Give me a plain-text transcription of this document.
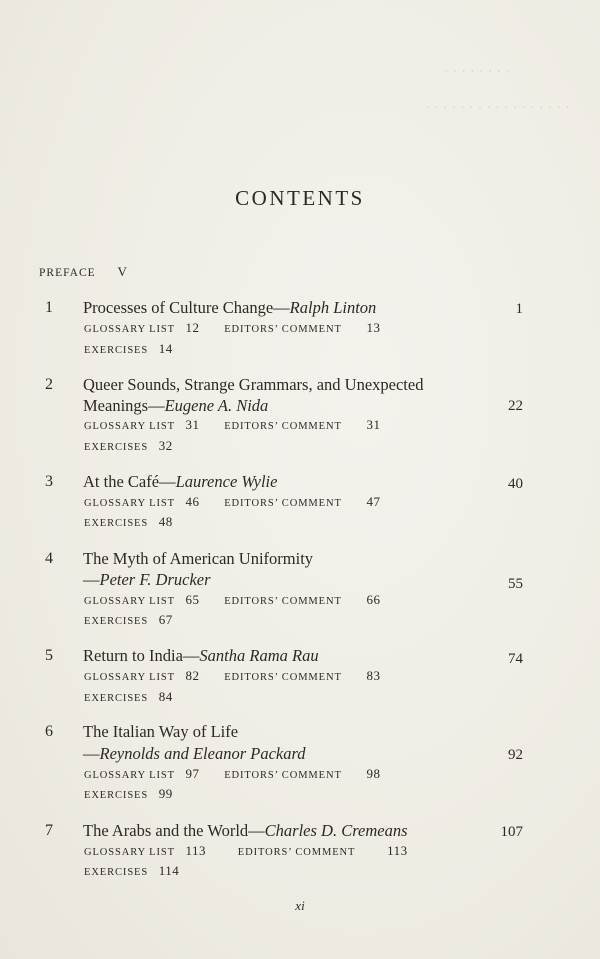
· · · · · · · ·
· · · · · · · · · · · · · · · · ·
CONTENTS
PREFACE V
1 Processes of Culture Change—Ralph Linton	1
GLOSSARY LIST 12 EDITORS’ COMMENT 13
EXERCISES 14
2 Queer Sounds, Strange Grammars, and Unexpected
Meanings—Eugene A. Nida	22
GLOSSARY LIST 31 EDITORS’ COMMENT 31
EXERCISES 32
3 At the Café—Laurence Wylie	40
GLOSSARY LIST 46 EDITORS’ COMMENT 47
EXERCISES 48
4 The Myth of American Uniformity
—Peter F. Drucker	55
GLOSSARY LIST 65 EDITORS’ COMMENT 66
EXERCISES 67
5 Return to India—Santha Rama Rau	74
GLOSSARY LIST 82 EDITORS’ COMMENT 83
EXERCISES 84
6 The Italian Way of Life
—Reynolds and Eleanor Packard	92
GLOSSARY LIST 97 EDITORS’ COMMENT 98
EXERCISES 99
7 The Arabs and the World—Charles D. Cremeans	107
GLOSSARY LIST 113	EDITORS’ COMMENT 113
EXERCISES 114
xi
